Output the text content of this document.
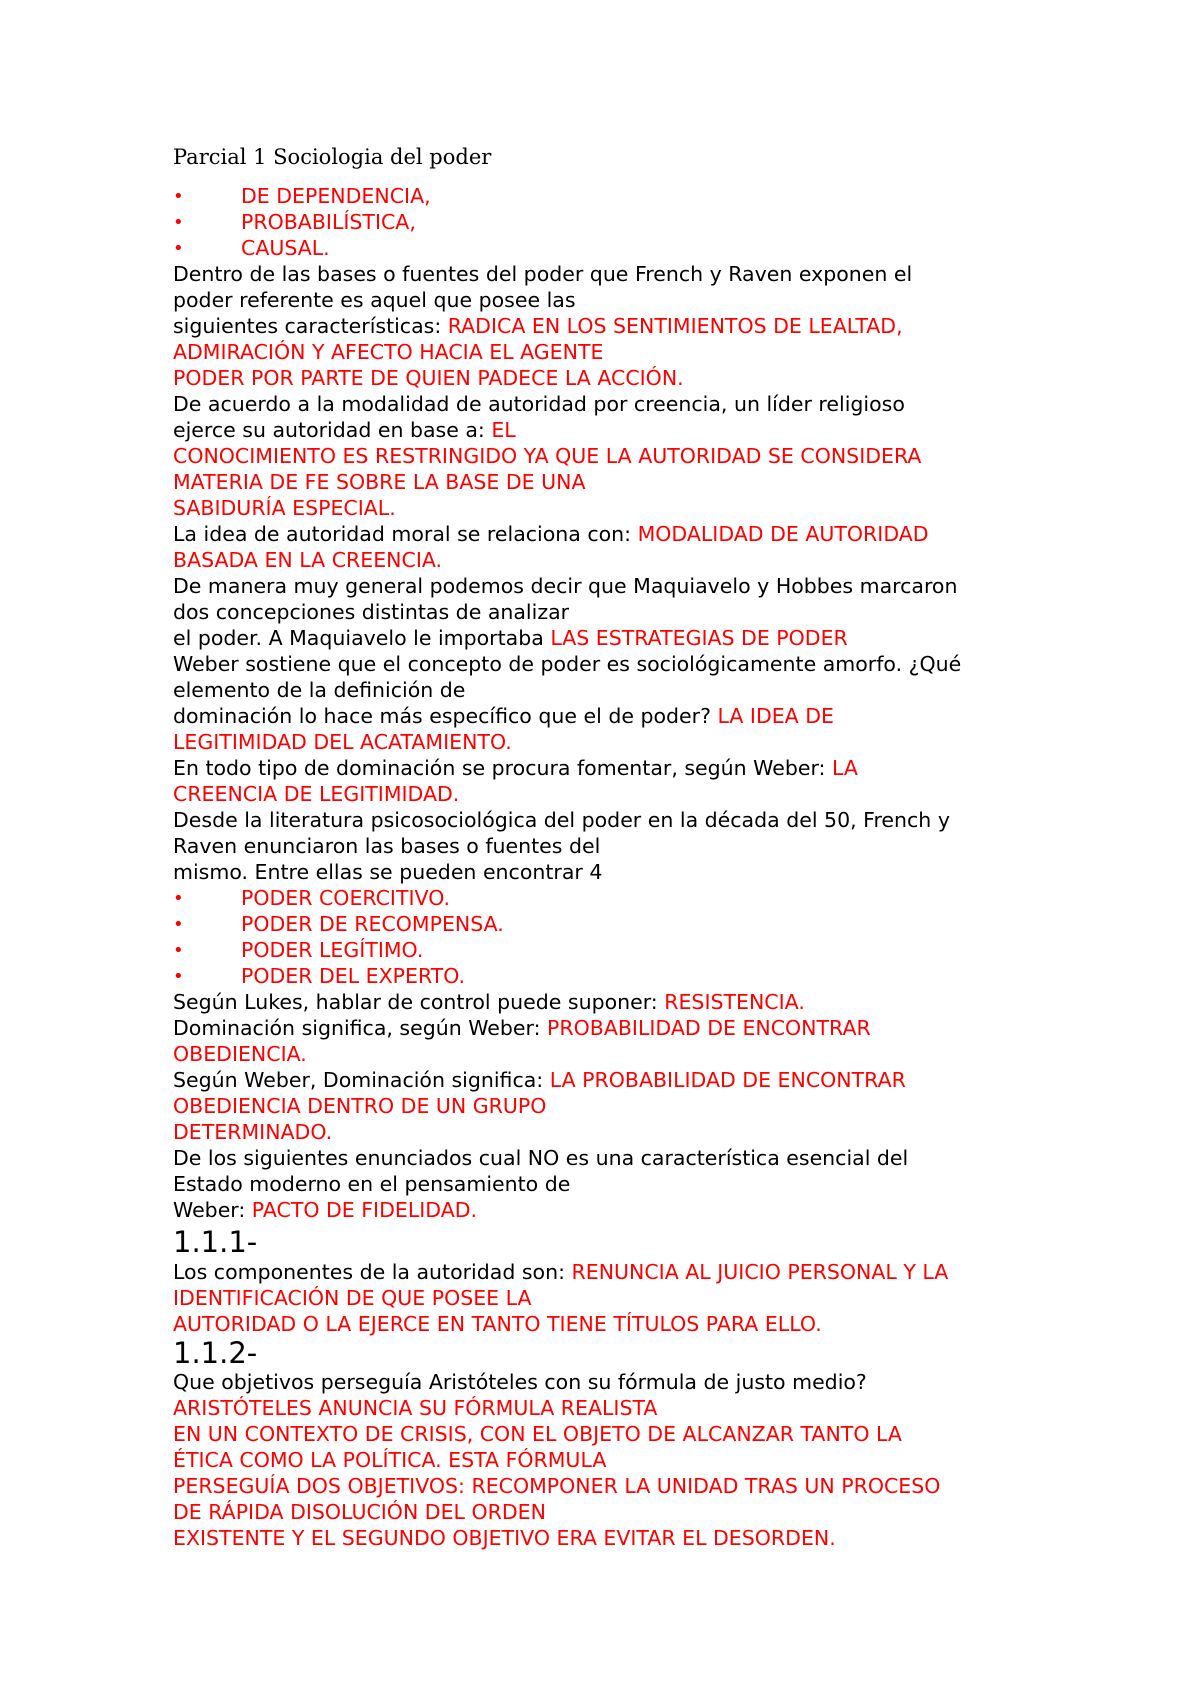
Parcial 1 Sociologia del poder
•	DE DEPENDENCIA,

•	PROBABILÍSTICA,

•	CAUSAL.

Dentro de las bases o fuentes del poder que French y Raven exponen el

poder referente es aquel que posee las

siguientes características: RADICA EN LOS SENTIMIENTOS DE LEALTAD,

ADMIRACIÓN Y AFECTO HACIA EL AGENTE

PODER POR PARTE DE QUIEN PADECE LA ACCIÓN.

De acuerdo a la modalidad de autoridad por creencia, un líder religioso

ejerce su autoridad en base a: EL

CONOCIMIENTO ES RESTRINGIDO YA QUE LA AUTORIDAD SE CONSIDERA

MATERIA DE FE SOBRE LA BASE DE UNA

SABIDURÍA ESPECIAL.

La idea de autoridad moral se relaciona con: MODALIDAD DE AUTORIDAD

BASADA EN LA CREENCIA.

De manera muy general podemos decir que Maquiavelo y Hobbes marcaron

dos concepciones distintas de analizar

el poder. A Maquiavelo le importaba LAS ESTRATEGIAS DE PODER

Weber sostiene que el concepto de poder es sociológicamente amorfo. ¿Qué

elemento de la definición de

dominación lo hace más específico que el de poder? LA IDEA DE

LEGITIMIDAD DEL ACATAMIENTO.

En todo tipo de dominación se procura fomentar, según Weber: LA

CREENCIA DE LEGITIMIDAD.

Desde la literatura psicosociológica del poder en la década del 50, French y

Raven enunciaron las bases o fuentes del

mismo. Entre ellas se pueden encontrar 4

•	PODER COERCITIVO.

•	PODER DE RECOMPENSA.

•	PODER LEGÍTIMO.

•	PODER DEL EXPERTO.

Según Lukes, hablar de control puede suponer: RESISTENCIA.

Dominación significa, según Weber: PROBABILIDAD DE ENCONTRAR

OBEDIENCIA.

Según Weber, Dominación significa: LA PROBABILIDAD DE ENCONTRAR

OBEDIENCIA DENTRO DE UN GRUPO

DETERMINADO.

De los siguientes enunciados cual NO es una característica esencial del

Estado moderno en el pensamiento de

Weber: PACTO DE FIDELIDAD.

1.1.1-

Los componentes de la autoridad son: RENUNCIA AL JUICIO PERSONAL Y LA

IDENTIFICACIÓN DE QUE POSEE LA

AUTORIDAD O LA EJERCE EN TANTO TIENE TÍTULOS PARA ELLO.

1.1.2-

Que objetivos perseguía Aristóteles con su fórmula de justo medio?

ARISTÓTELES ANUNCIA SU FÓRMULA REALISTA

EN UN CONTEXTO DE CRISIS, CON EL OBJETO DE ALCANZAR TANTO LA

ÉTICA COMO LA POLÍTICA. ESTA FÓRMULA

PERSEGUÍA DOS OBJETIVOS: RECOMPONER LA UNIDAD TRAS UN PROCESO

DE RÁPIDA DISOLUCIÓN DEL ORDEN

EXISTENTE Y EL SEGUNDO OBJETIVO ERA EVITAR EL DESORDEN.
